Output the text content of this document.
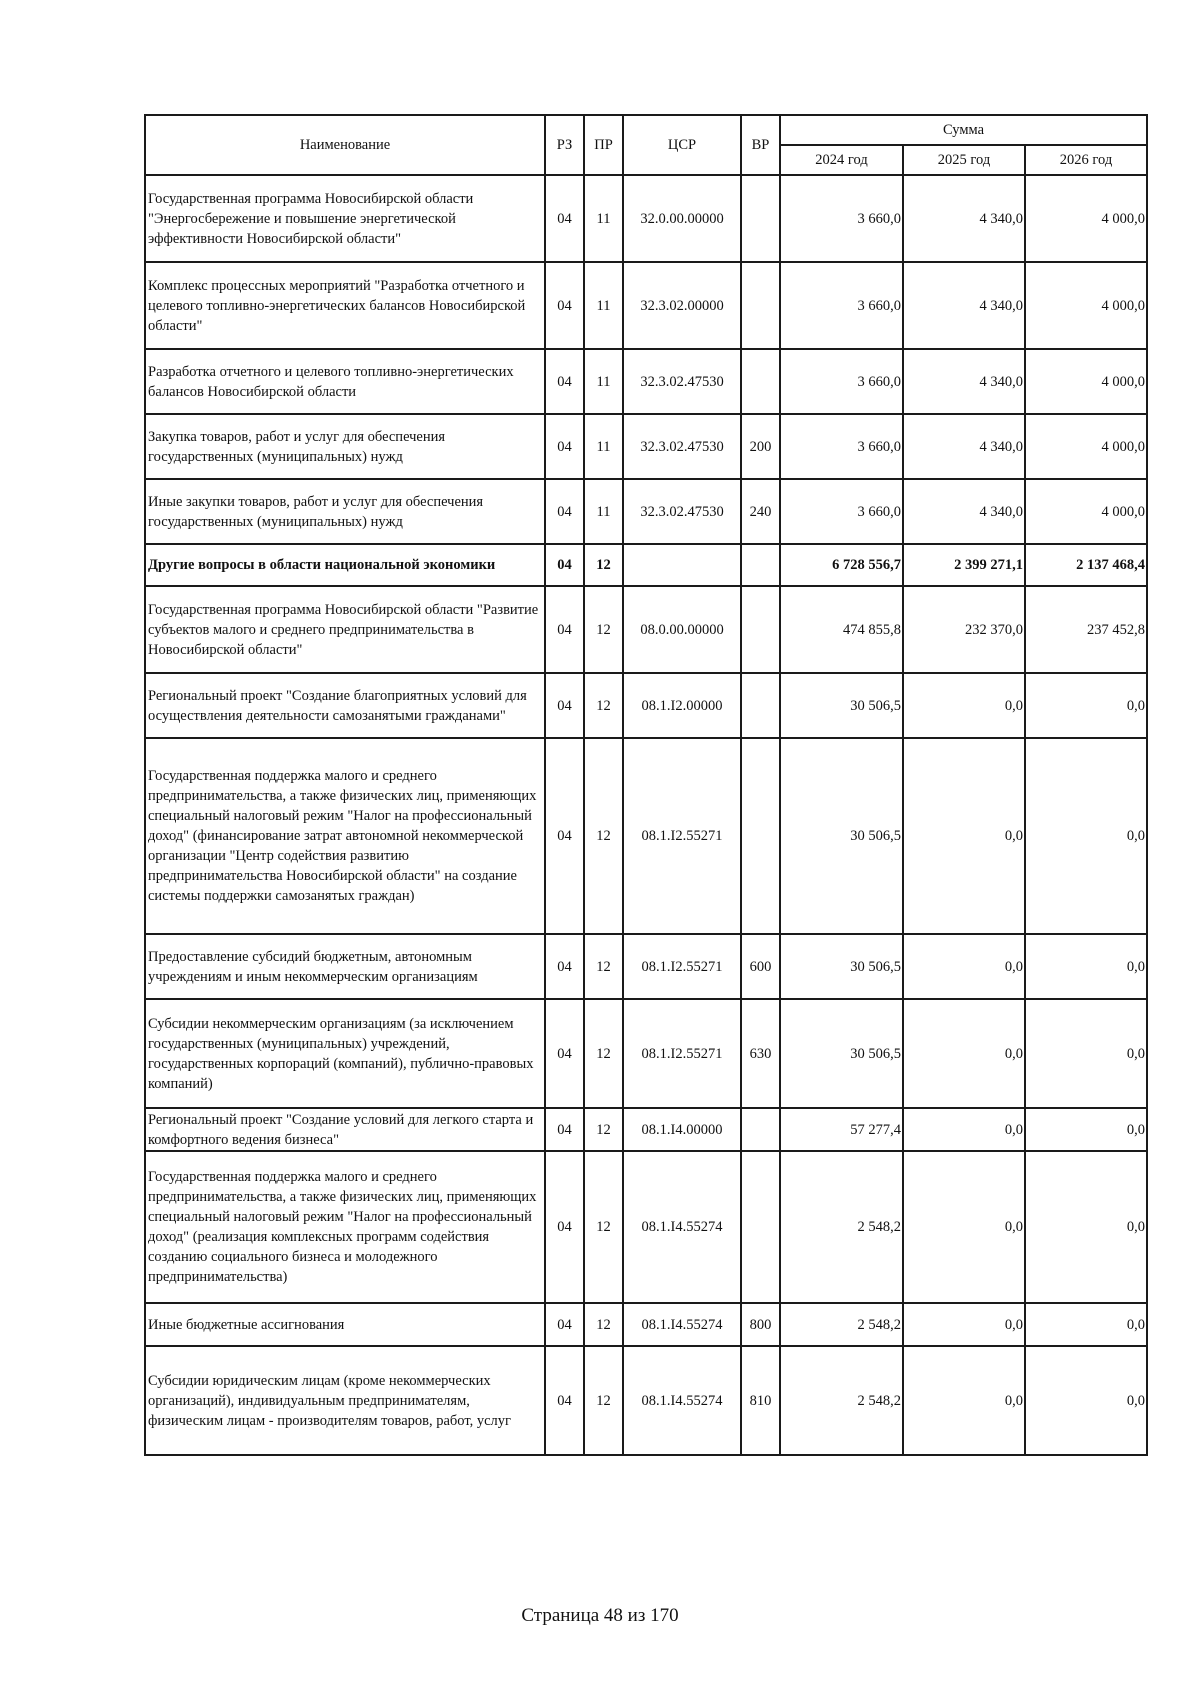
Наименование	РЗ	ПР	ЦСР	ВР	Сумма		
					2024 год	2025 год	2026 год
Государственная программа Новосибирской области "Энергосбережение и повышение энергетической эффективности Новосибирской области"	04	11	32.0.00.00000		3 660,0	4 340,0	4 000,0
Комплекс процессных мероприятий "Разработка отчетного и целевого топливно-энергетических балансов Новосибирской области"	04	11	32.3.02.00000		3 660,0	4 340,0	4 000,0
Разработка отчетного и целевого топливно-энергетических балансов Новосибирской области	04	11	32.3.02.47530		3 660,0	4 340,0	4 000,0
Закупка товаров, работ и услуг для обеспечения государственных (муниципальных) нужд	04	11	32.3.02.47530	200	3 660,0	4 340,0	4 000,0
Иные закупки товаров, работ и услуг для обеспечения государственных (муниципальных) нужд	04	11	32.3.02.47530	240	3 660,0	4 340,0	4 000,0
Другие вопросы в области национальной экономики	04	12			6 728 556,7	2 399 271,1	2 137 468,4
Государственная программа Новосибирской области "Развитие субъектов малого и среднего предпринимательства в Новосибирской области"	04	12	08.0.00.00000		474 855,8	232 370,0	237 452,8
Региональный проект "Создание благоприятных условий для осуществления деятельности самозанятыми гражданами"	04	12	08.1.I2.00000		30 506,5	0,0	0,0
Государственная поддержка малого и среднего предпринимательства, а также физических лиц, применяющих специальный налоговый режим "Налог на профессиональный доход" (финансирование затрат автономной некоммерческой организации "Центр содействия развитию предпринимательства Новосибирской области" на создание системы поддержки самозанятых граждан)	04	12	08.1.I2.55271		30 506,5	0,0	0,0
Предоставление субсидий бюджетным, автономным учреждениям и иным некоммерческим организациям	04	12	08.1.I2.55271	600	30 506,5	0,0	0,0
Субсидии некоммерческим организациям (за исключением государственных (муниципальных) учреждений, государственных корпораций (компаний), публично-правовых компаний)	04	12	08.1.I2.55271	630	30 506,5	0,0	0,0
Региональный проект "Создание условий для легкого старта и комфортного ведения бизнеса"	04	12	08.1.I4.00000		57 277,4	0,0	0,0
Государственная поддержка малого и среднего предпринимательства, а также физических лиц, применяющих специальный налоговый режим "Налог на профессиональный доход" (реализация комплексных программ содействия созданию социального бизнеса и молодежного предпринимательства)	04	12	08.1.I4.55274		2 548,2	0,0	0,0
Иные бюджетные ассигнования	04	12	08.1.I4.55274	800	2 548,2	0,0	0,0
Субсидии юридическим лицам (кроме некоммерческих организаций), индивидуальным предпринимателям, физическим лицам - производителям товаров, работ, услуг	04	12	08.1.I4.55274	810	2 548,2	0,0	0,0
Страница 48 из 170
